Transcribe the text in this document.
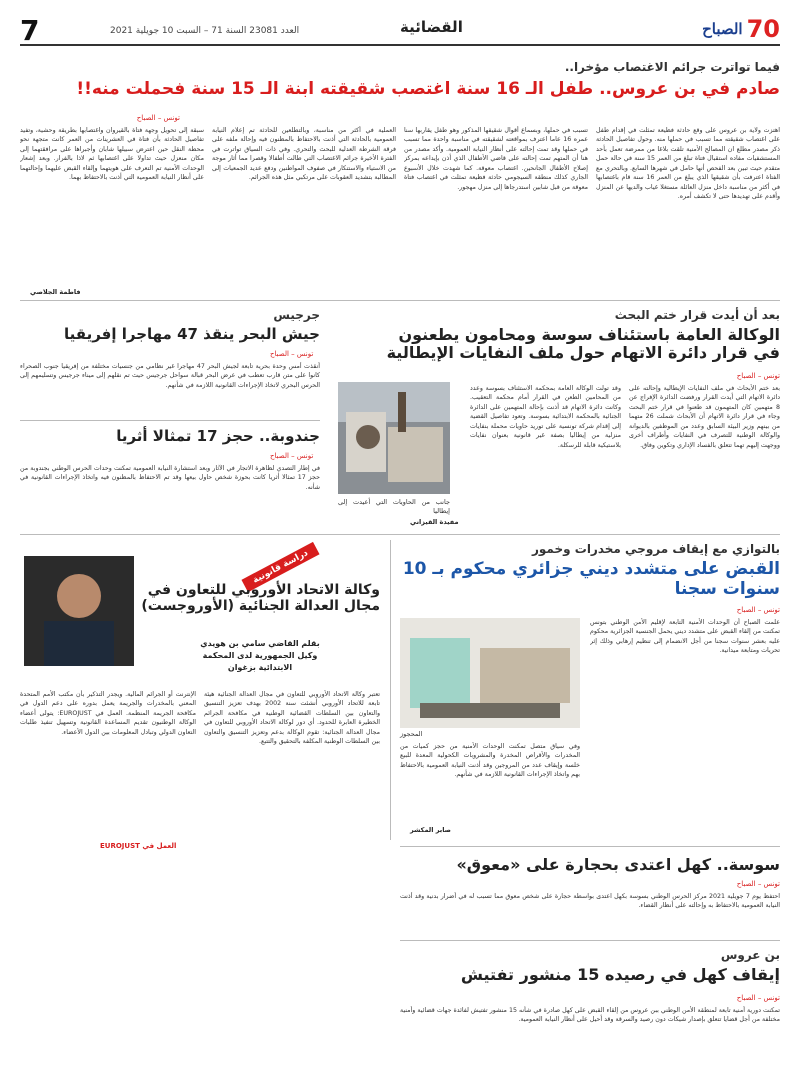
7	العدد 23081 السنة 71 – السبت 10 جويلية 2021	القضائية	الصباح 70
فيما تواترت جرائم الاغتصاب مؤخرا..
صادم في بن عروس.. طفل الـ 16 سنة اغتصب شقيقته ابنة الـ 15 سنة فحملت منه!!
تونس – الصباح
اهتزت ولاية بن عروس على وقع حادثة فظيعة تمثلت في إقدام طفل على اغتصاب شقيقته مما تسبب في حملها منه. وحول تفاصيل الحادثة ذكر مصدر مطلع ان المصالح الأمنية تلقت بلاغا من ممرضة تعمل بأحد المستشفيات مفاده استقبال فتاة تبلغ من العمر 15 سنة في حالة حمل متقدم حيث تبين بعد الفحص أنها حامل في شهرها السابع. وبالتحري مع الفتاة اعترفت بأن شقيقها الذي يبلغ من العمر 16 سنة قام باغتصابها في أكثر من مناسبة داخل منزل العائلة مستغلا غياب والديها عن المنزل وأقدم على تهديدها حتى لا تكشف أمره.
تسبب في حملها، وبسماع أقوال شقيقها المذكور وهو طفل يقاربها سنا عمره 16 عاما اعترف بمواقعته لشقيقته في مناسبة واحدة مما تسبب في حملها وقد تمت إحالته على أنظار النيابة العمومية. وأكد مصدر من هنا أن المتهم تمت إحالته على قاضي الأطفال الذي أذن بإيداعه بمركز إصلاح الأطفال الجانحين. اغتصاب معوقة. كما شهدت خلال الأسبوع الجاري كذلك منطقة السيجومي حادثة فظيعة تمثلت في اغتصاب فتاة معوقة من قبل شابين استدرجاها إلى منزل مهجور.
العملية في أكثر من مناسبة، وبالتطلعين للحادثة تم إعلام النيابة العمومية بالحادثة التي أذنت بالاحتفاظ بالمظنون فيه وإحالة ملفه على فرقة الشرطة العدلية للبحث والتحري. وفي ذات السياق تواترت في الفترة الأخيرة جرائم الاغتصاب التي طالت أطفالا وقصرا مما أثار موجة من الاستياء والاستنكار في صفوف المواطنين ودفع عديد الجمعيات إلى المطالبة بتشديد العقوبات على مرتكبي مثل هذه الجرائم.
سبقة إلى تحويل وجهة فتاة بالقيروان واغتصابها بطريقة وحشية، وتفيد تفاصيل الحادثة بأن فتاة في العشرينات من العمر كانت متجهة نحو محطة النقل حين اعترض سبيلها شابان وأجبراها على مرافقتهما إلى مكان منعزل حيث تداولا على اغتصابها ثم لاذا بالفرار. وبعد إشعار الوحدات الأمنية تم التعرف على هويتهما وإلقاء القبض عليهما وإحالتهما على أنظار النيابة العمومية التي أذنت بالاحتفاظ بهما.
فاطمة الجلاصي
بعد أن أيدت قرار ختم البحث
الوكالة العامة باستئناف سوسة ومحامون يطعنون في قرار دائرة الاتهام حول ملف النفايات الإيطالية
تونس – الصباح
بعد ختم الأبحاث في ملف النفايات الإيطالية وإحالته على دائرة الاتهام التي أيدت القرار ورفضت الدائرة الإفراج عن 8 متهمين كان المتهمون قد طعنوا في قرار ختم البحث وجاء في قرار دائرة الاتهام أن الأبحاث شملت 26 متهما من بينهم وزير البيئة السابق وعدد من الموظفين بالديوانة والوكالة الوطنية للتصرف في النفايات وأطراف أخرى ووجهت إليهم تهما تتعلق بالفساد الإداري وتكوين وفاق.
وقد تولت الوكالة العامة بمحكمة الاستئناف بسوسة وعدد من المحامين الطعن في القرار أمام محكمة التعقيب. وكانت دائرة الاتهام قد أذنت بإحالة المتهمين على الدائرة الجنائية بالمحكمة الابتدائية بسوسة. وتعود تفاصيل القضية إلى إقدام شركة تونسية على توريد حاويات محملة بنفايات منزلية من إيطاليا بصفة غير قانونية بعنوان نفايات بلاستيكية قابلة للرسكلة.
جانب من الحاويات التي أعيدت إلى إيطاليا
مفيدة القيزاني
جرجيس
جيش البحر ينقذ 47 مهاجرا إفريقيا
تونس – الصباح
أنقذت أمس وحدة بحرية تابعة لجيش البحر 47 مهاجرا غير نظامي من جنسيات مختلفة من إفريقيا جنوب الصحراء كانوا على متن قارب تعطب في عرض البحر قبالة سواحل جرجيس حيث تم نقلهم إلى ميناء جرجيس وتسليمهم إلى الحرس البحري لاتخاذ الإجراءات القانونية اللازمة في شأنهم.
جندوبة.. حجز 17 تمثالا أثريا
تونس – الصباح
في إطار التصدي لظاهرة الاتجار في الآثار وبعد استشارة النيابة العمومية تمكنت وحدات الحرس الوطني بجندوبة من حجز 17 تمثالا أثريا كانت بحوزة شخص حاول بيعها وقد تم الاحتفاظ بالمظنون فيه واتخاذ الإجراءات القانونية في شأنه.
بالتوازي مع إيقاف مروجي مخدرات وخمور
القبض على متشدد ديني جزائري محكوم بـ 10 سنوات سجنا
تونس – الصباح
علمت الصباح أن الوحدات الأمنية التابعة لإقليم الأمن الوطني بتونس تمكنت من إلقاء القبض على متشدد ديني يحمل الجنسية الجزائرية محكوم عليه بعشر سنوات سجنا من أجل الانضمام إلى تنظيم إرهابي وذلك إثر تحريات ومتابعة ميدانية.
المحجوز
وفي سياق متصل تمكنت الوحدات الأمنية من حجز كميات من المخدرات والأقراص المخدرة والمشروبات الكحولية المعدة للبيع خلسة وإيقاف عدد من المروجين وقد أذنت النيابة العمومية بالاحتفاظ بهم واتخاذ الإجراءات القانونية اللازمة في شأنهم.
صابر المكشر
دراسة قانونية
وكالة الاتحاد الأوروبي للتعاون في مجال العدالة الجنائية (الأوروجست)
بقلم القاضي سامي بن هويدي
وكيل الجمهورية لدى المحكمة
الابتدائية بزغوان
تعتبر وكالة الاتحاد الأوروبي للتعاون في مجال العدالة الجنائية هيئة تابعة للاتحاد الأوروبي أنشئت سنة 2002 بهدف تعزيز التنسيق والتعاون بين السلطات القضائية الوطنية في مكافحة الجرائم الخطيرة العابرة للحدود. أي دور لوكالة الاتحاد الأوروبي للتعاون في مجال العدالة الجنائية: تقوم الوكالة بدعم وتعزيز التنسيق والتعاون بين السلطات الوطنية المكلفة بالتحقيق والتتبع.
الإنترنت أو الجرائم المالية. ويجدر التذكير بأن مكتب الأمم المتحدة المعني بالمخدرات والجريمة يعمل بدوره على دعم الدول في مكافحة الجريمة المنظمة. العمل في EUROJUST: يتولى أعضاء الوكالة الوطنيون تقديم المساعدة القانونية وتسهيل تنفيذ طلبات التعاون الدولي وتبادل المعلومات بين الدول الأعضاء.
العمل في EUROJUST
سوسة.. كهل اعتدى بحجارة على «معوق»
تونس – الصباح
احتفظ يوم 7 جويلية 2021 مركز الحرس الوطني بسوسة بكهل اعتدى بواسطة حجارة على شخص معوق مما تسبب له في أضرار بدنية وقد أذنت النيابة العمومية بالاحتفاظ به وإحالته على أنظار القضاء.
بن عروس
إيقاف كهل في رصيده 15 منشور تفتيش
تونس – الصباح
تمكنت دورية أمنية تابعة لمنطقة الأمن الوطني ببن عروس من إلقاء القبض على كهل صادرة في شأنه 15 منشور تفتيش لفائدة جهات قضائية وأمنية مختلفة من أجل قضايا تتعلق بإصدار شيكات دون رصيد والسرقة وقد أحيل على أنظار النيابة العمومية.
